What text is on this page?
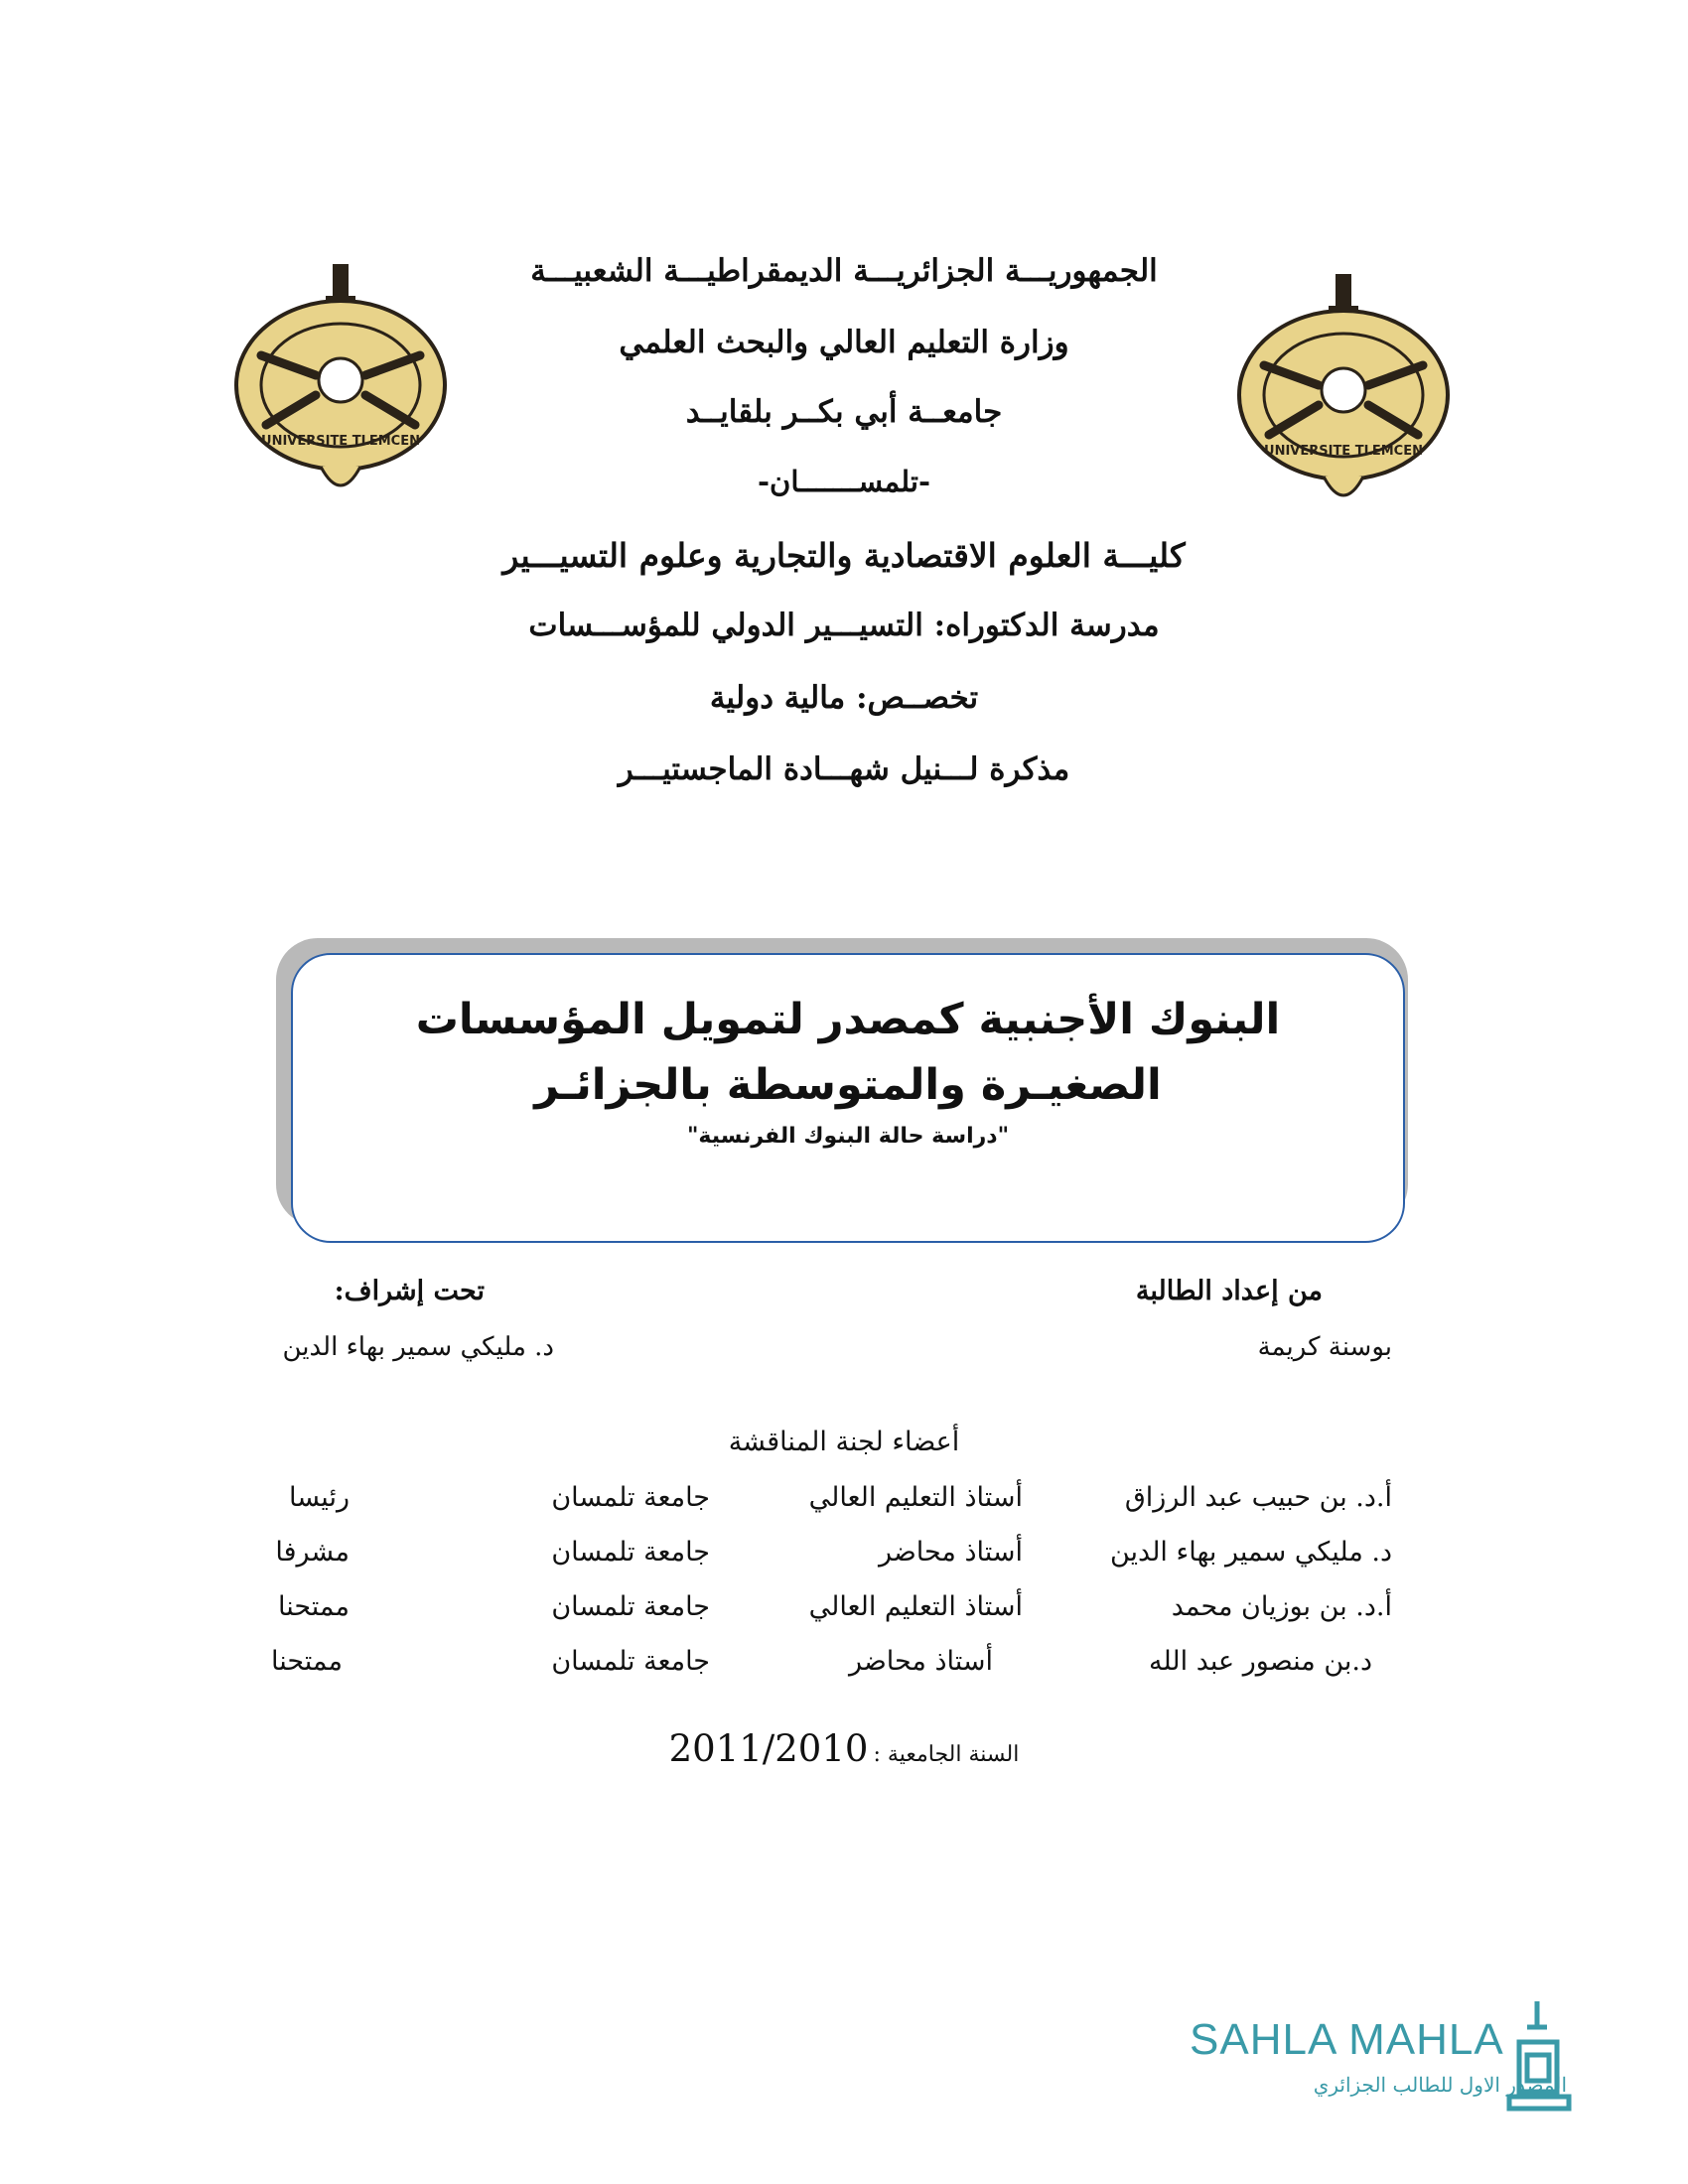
UNIVERSITE TLEMCEN
UNIVERSITE TLEMCEN
الجمهوريـــة الجزائريـــة الديمقراطيـــة الشعبيـــة
وزارة التعليم العالي والبحث العلمي
جامعــة أبي بكــر بلقايــد
-تلمســـــــان-
كليـــة العلوم الاقتصادية والتجارية وعلوم التسيـــير
مدرسة الدكتوراه: التسيـــير الدولي للمؤســـسات
تخصــص: مالية دولية
مذكرة لـــنيل شهـــادة الماجستيـــر
البنوك الأجنبية كمصدر لتمويل المؤسسات
الصغيـرة والمتوسطة بالجزائـر
"دراسة حالة البنوك الفرنسية"
من إعداد الطالبة
بوسنة كريمة
تحت إشراف:
د. مليكي سمير بهاء الدين
أعضاء لجنة المناقشة
أ.د. بن حبيب عبد الرزاق
أستاذ التعليم العالي
جامعة تلمسان
رئيسا
د. مليكي سمير بهاء الدين
أستاذ محاضر
جامعة تلمسان
مشرفا
أ.د. بن بوزيان محمد
أستاذ التعليم العالي
جامعة تلمسان
ممتحنا
د.بن منصور عبد الله
أستاذ محاضر
جامعة تلمسان
ممتحنا
2011/2010 السنة الجامعية :
SAHLA MAHLA
المصدر الاول للطالب الجزائري
